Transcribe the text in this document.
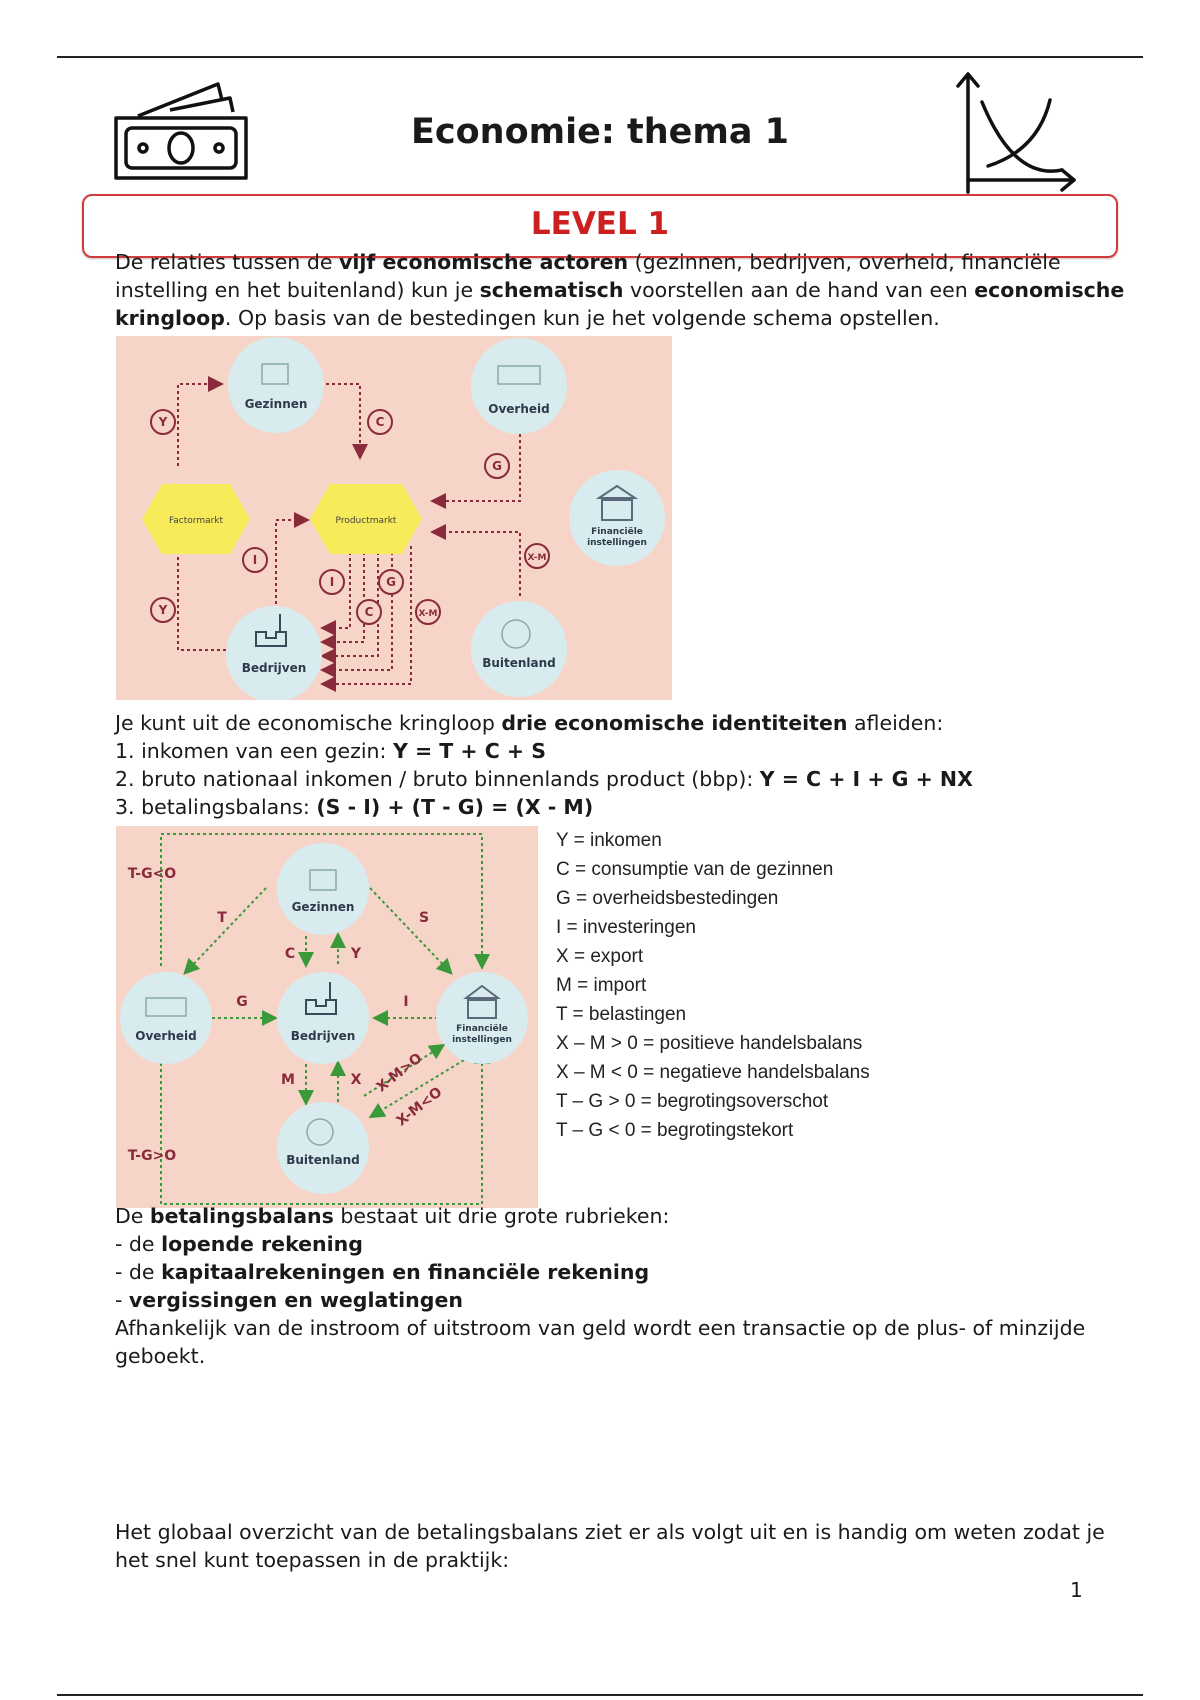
Economie: thema 1
LEVEL 1

De relaties tussen de vijf economische actoren (gezinnen, bedrijven, overheid, financiële instelling en het buitenland) kun je schematisch voorstellen aan de hand van een economische kringloop. Op basis van de bestedingen kun je het volgende schema opstellen.

Factormarkt	Productmarkt
Gezinnen	Overheid
Financiële
instellingen
Bedrijven	Buitenland
Y	C
G
I
Y
I	G
C	X-M
X-M

Je kunt uit de economische kringloop drie economische identiteiten afleiden:

1. inkomen van een gezin: Y = T + C + S

2. bruto nationaal inkomen / bruto binnenlands product (bbp): Y = C + I + G + NX

3. betalingsbalans: (S - I) + (T - G) = (X - M)

Gezinnen
Overheid	Bedrijven	Financiële
instellingen
Buitenland
T-G<O
T-G>O
T	S
C	Y
G	I
M	X X-M>O
X-M<O
Y = inkomen
C = consumptie van de gezinnen
G = overheidsbestedingen
I = investeringen
X = export
M = import
T = belastingen
X – M > 0 = positieve handelsbalans
X – M < 0 = negatieve handelsbalans
T – G > 0 = begrotingsoverschot
T – G < 0 = begrotingstekort

De betalingsbalans bestaat uit drie grote rubrieken:

- de lopende rekening

- de kapitaalrekeningen en financiële rekening

- vergissingen en weglatingen

Afhankelijk van de instroom of uitstroom van geld wordt een transactie op de plus- of minzijde geboekt.

Het globaal overzicht van de betalingsbalans ziet er als volgt uit en is handig om weten zodat je het snel kunt toepassen in de praktijk:

1
